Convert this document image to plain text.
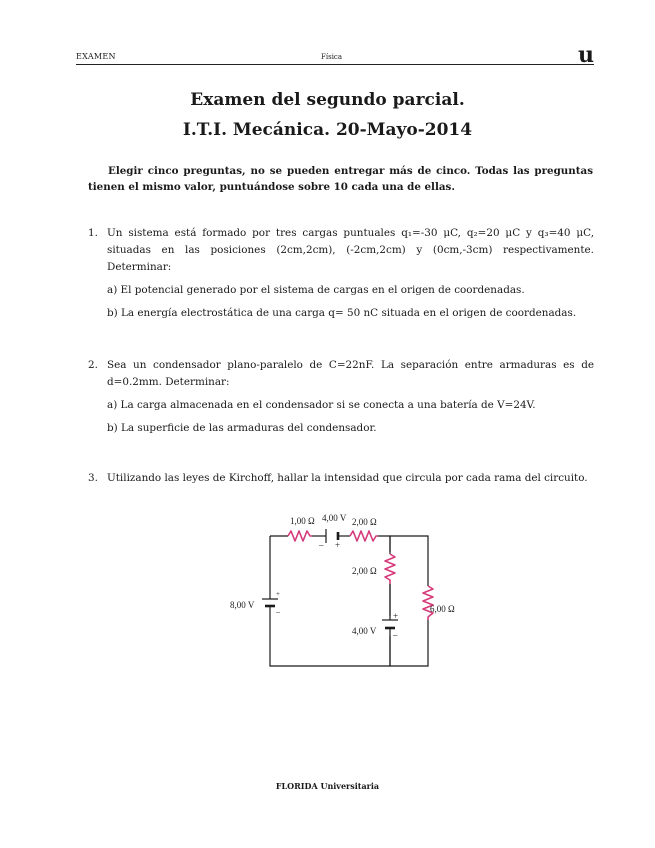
EXAMEN	Física	u
Examen del segundo parcial.
I.T.I. Mecánica. 20-Mayo-2014
Elegir cinco preguntas, no se pueden entregar más de cinco. Todas las preguntas tienen el mismo valor, puntuándose sobre 10 cada una de ellas.
1. Un sistema está formado por tres cargas puntuales q₁=-30 μC, q₂=20 μC y q₃=40 μC, situadas en las posiciones (2cm,2cm), (-2cm,2cm) y (0cm,-3cm) respectivamente. Determinar:
a) El potencial generado por el sistema de cargas en el origen de coordenadas.
b) La energía electrostática de una carga q= 50 nC situada en el origen de coordenadas.
2. Sea un condensador plano-paralelo de C=22nF. La separación entre armaduras es de d=0.2mm. Determinar:
a) La carga almacenada en el condensador si se conecta a una batería de V=24V.
b) La superficie de las armaduras del condensador.
3. Utilizando las leyes de Kirchoff, hallar la intensidad que circula por cada rama del circuito.
1,00 Ω 4,00 V 2,00 Ω
2,00 Ω
8,00 V
4,00 V
6,00 Ω
– +
+
–	+
–
FLORIDA Universitaria
